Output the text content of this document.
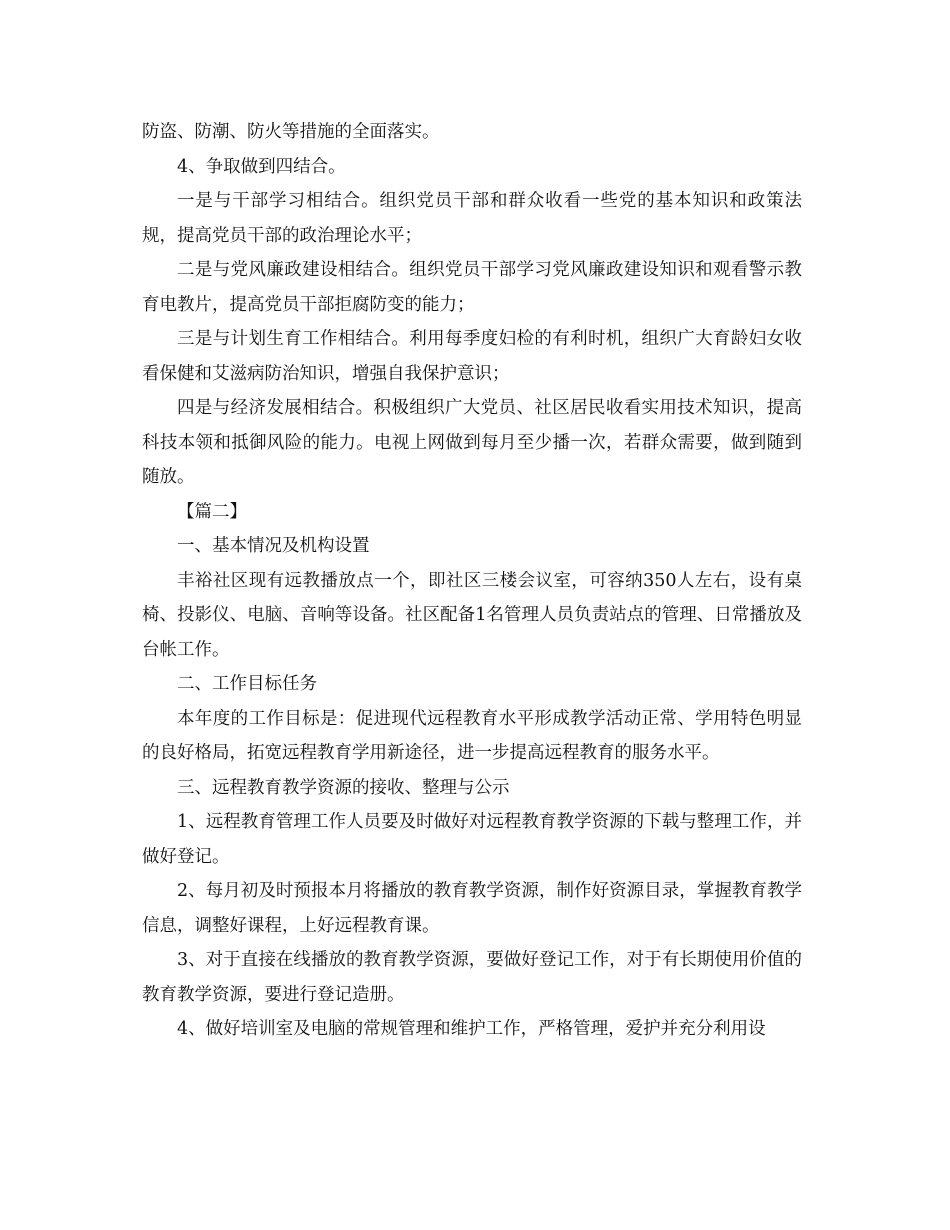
防盗、防潮、防火等措施的全面落实。

4、争取做到四结合。

一是与干部学习相结合。组织党员干部和群众收看一些党的基本知识和政策法规，提高党员干部的政治理论水平；

二是与党风廉政建设相结合。组织党员干部学习党风廉政建设知识和观看警示教育电教片，提高党员干部拒腐防变的能力；

三是与计划生育工作相结合。利用每季度妇检的有利时机，组织广大育龄妇女收看保健和艾滋病防治知识，增强自我保护意识；

四是与经济发展相结合。积极组织广大党员、社区居民收看实用技术知识，提高科技本领和抵御风险的能力。电视上网做到每月至少播一次，若群众需要，做到随到随放。

【篇二】

一、基本情况及机构设置

丰裕社区现有远教播放点一个，即社区三楼会议室，可容纳350人左右，设有桌椅、投影仪、电脑、音响等设备。社区配备1名管理人员负责站点的管理、日常播放及台帐工作。

二、工作目标任务

本年度的工作目标是：促进现代远程教育水平形成教学活动正常、学用特色明显的良好格局，拓宽远程教育学用新途径，进一步提高远程教育的服务水平。

三、远程教育教学资源的接收、整理与公示

1、远程教育管理工作人员要及时做好对远程教育教学资源的下载与整理工作，并做好登记。

2、每月初及时预报本月将播放的教育教学资源，制作好资源目录，掌握教育教学信息，调整好课程，上好远程教育课。

3、对于直接在线播放的教育教学资源，要做好登记工作，对于有长期使用价值的教育教学资源，要进行登记造册。

4、做好培训室及电脑的常规管理和维护工作，严格管理，爱护并充分利用设
